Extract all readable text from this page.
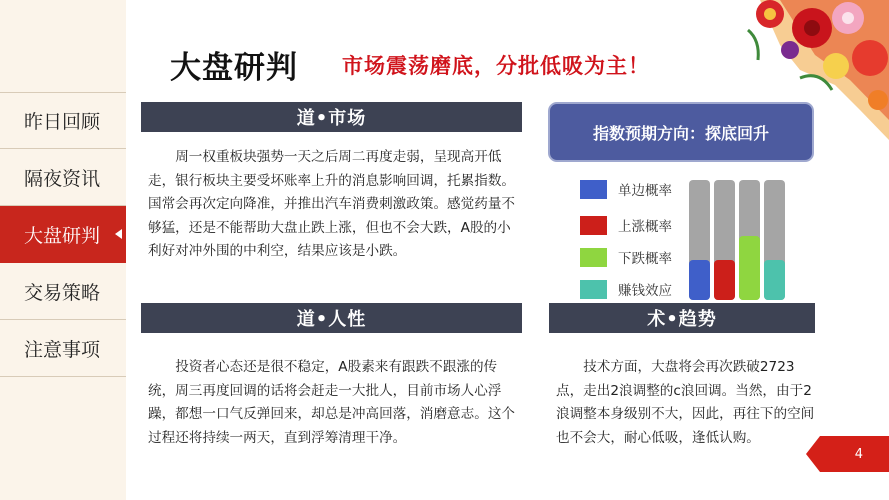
昨日回顾
隔夜资讯
大盘研判
交易策略
注意事项
大盘研判 市场震荡磨底，分批低吸为主！
道•市场
周一权重板块强势一天之后周二再度走弱，呈现高开低走，银行板块主要受坏账率上升的消息影响回调，托累指数。国常会再次定向降准，并推出汽车消费刺激政策。感觉药量不够猛，还是不能帮助大盘止跌上涨，但也不会大跌，A股的小利好对冲外围的中利空，结果应该是小跌。
指数预期方向：探底回升
单边概率
上涨概率
下跌概率
赚钱效应
道•人性
投资者心态还是很不稳定，A股素来有跟跌不跟涨的传统，周三再度回调的话将会赶走一大批人，目前市场人心浮躁，都想一口气反弹回来，却总是冲高回落，消磨意志。这个过程还将持续一两天，直到浮筹清理干净。
术•趋势
技术方面，大盘将会再次跌破2723点，走出2浪调整的c浪回调。当然，由于2浪调整本身级别不大，因此，再往下的空间也不会大，耐心低吸，逢低认购。
4
